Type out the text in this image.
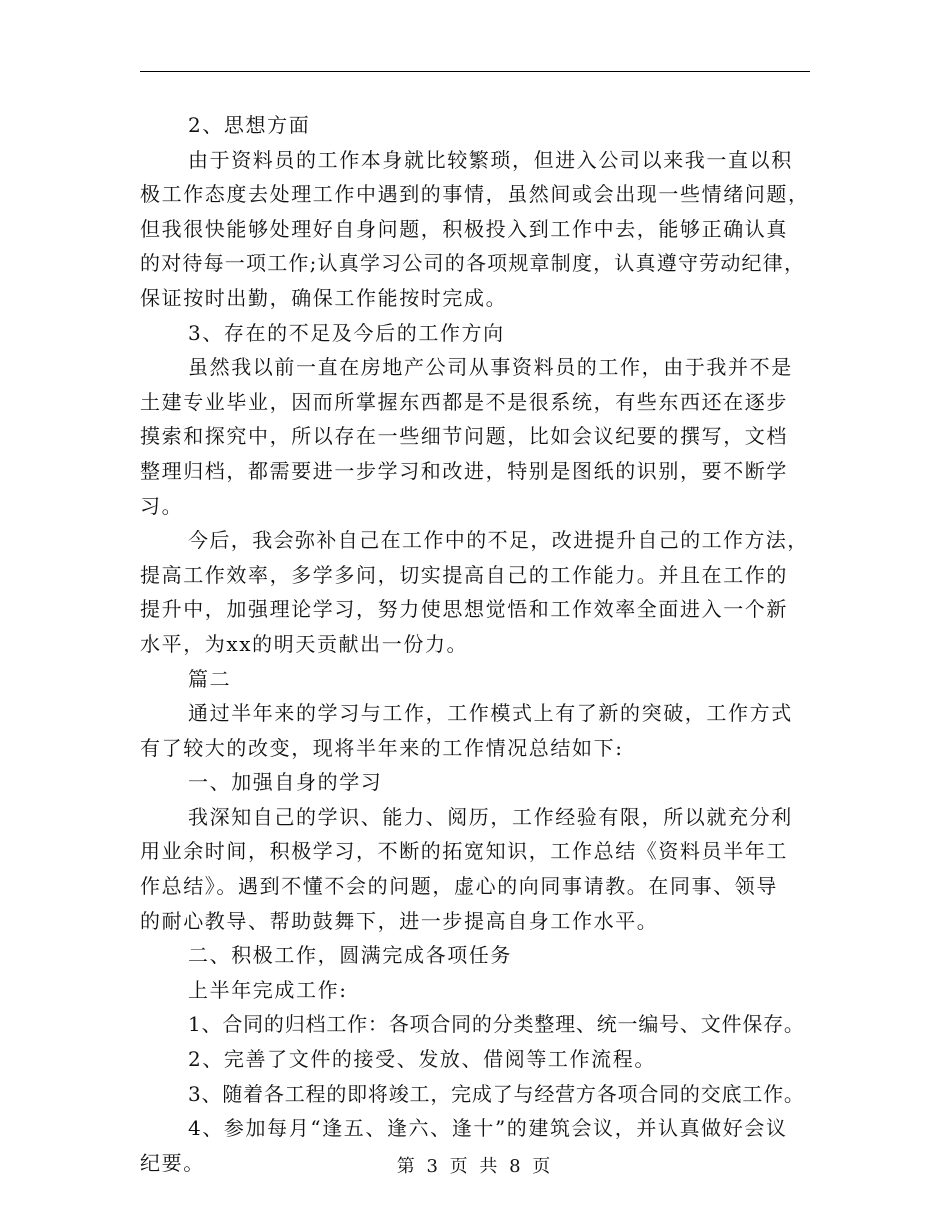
2、思想方面
由于资料员的工作本身就比较繁琐，但进入公司以来我一直以积
极工作态度去处理工作中遇到的事情，虽然间或会出现一些情绪问题，
但我很快能够处理好自身问题，积极投入到工作中去，能够正确认真
的对待每一项工作;认真学习公司的各项规章制度，认真遵守劳动纪律，
保证按时出勤，确保工作能按时完成。
3、存在的不足及今后的工作方向
虽然我以前一直在房地产公司从事资料员的工作，由于我并不是
土建专业毕业，因而所掌握东西都是不是很系统，有些东西还在逐步
摸索和探究中，所以存在一些细节问题，比如会议纪要的撰写，文档
整理归档，都需要进一步学习和改进，特别是图纸的识别，要不断学
习。
今后，我会弥补自己在工作中的不足，改进提升自己的工作方法，
提高工作效率，多学多问，切实提高自己的工作能力。并且在工作的
提升中，加强理论学习，努力使思想觉悟和工作效率全面进入一个新
水平，为xx的明天贡献出一份力。
篇二
通过半年来的学习与工作，工作模式上有了新的突破，工作方式
有了较大的改变，现将半年来的工作情况总结如下:
一、加强自身的学习
我深知自己的学识、能力、阅历，工作经验有限，所以就充分利
用业余时间，积极学习，不断的拓宽知识，工作总结《资料员半年工
作总结》。遇到不懂不会的问题，虚心的向同事请教。在同事、领导
的耐心教导、帮助鼓舞下，进一步提高自身工作水平。
二、积极工作，圆满完成各项任务
上半年完成工作:
1、合同的归档工作：各项合同的分类整理、统一编号、文件保存。
2、完善了文件的接受、发放、借阅等工作流程。
3、随着各工程的即将竣工，完成了与经营方各项合同的交底工作。
4、参加每月“逢五、逢六、逢十”的建筑会议，并认真做好会议
纪要。	第 3 页 共 8 页
